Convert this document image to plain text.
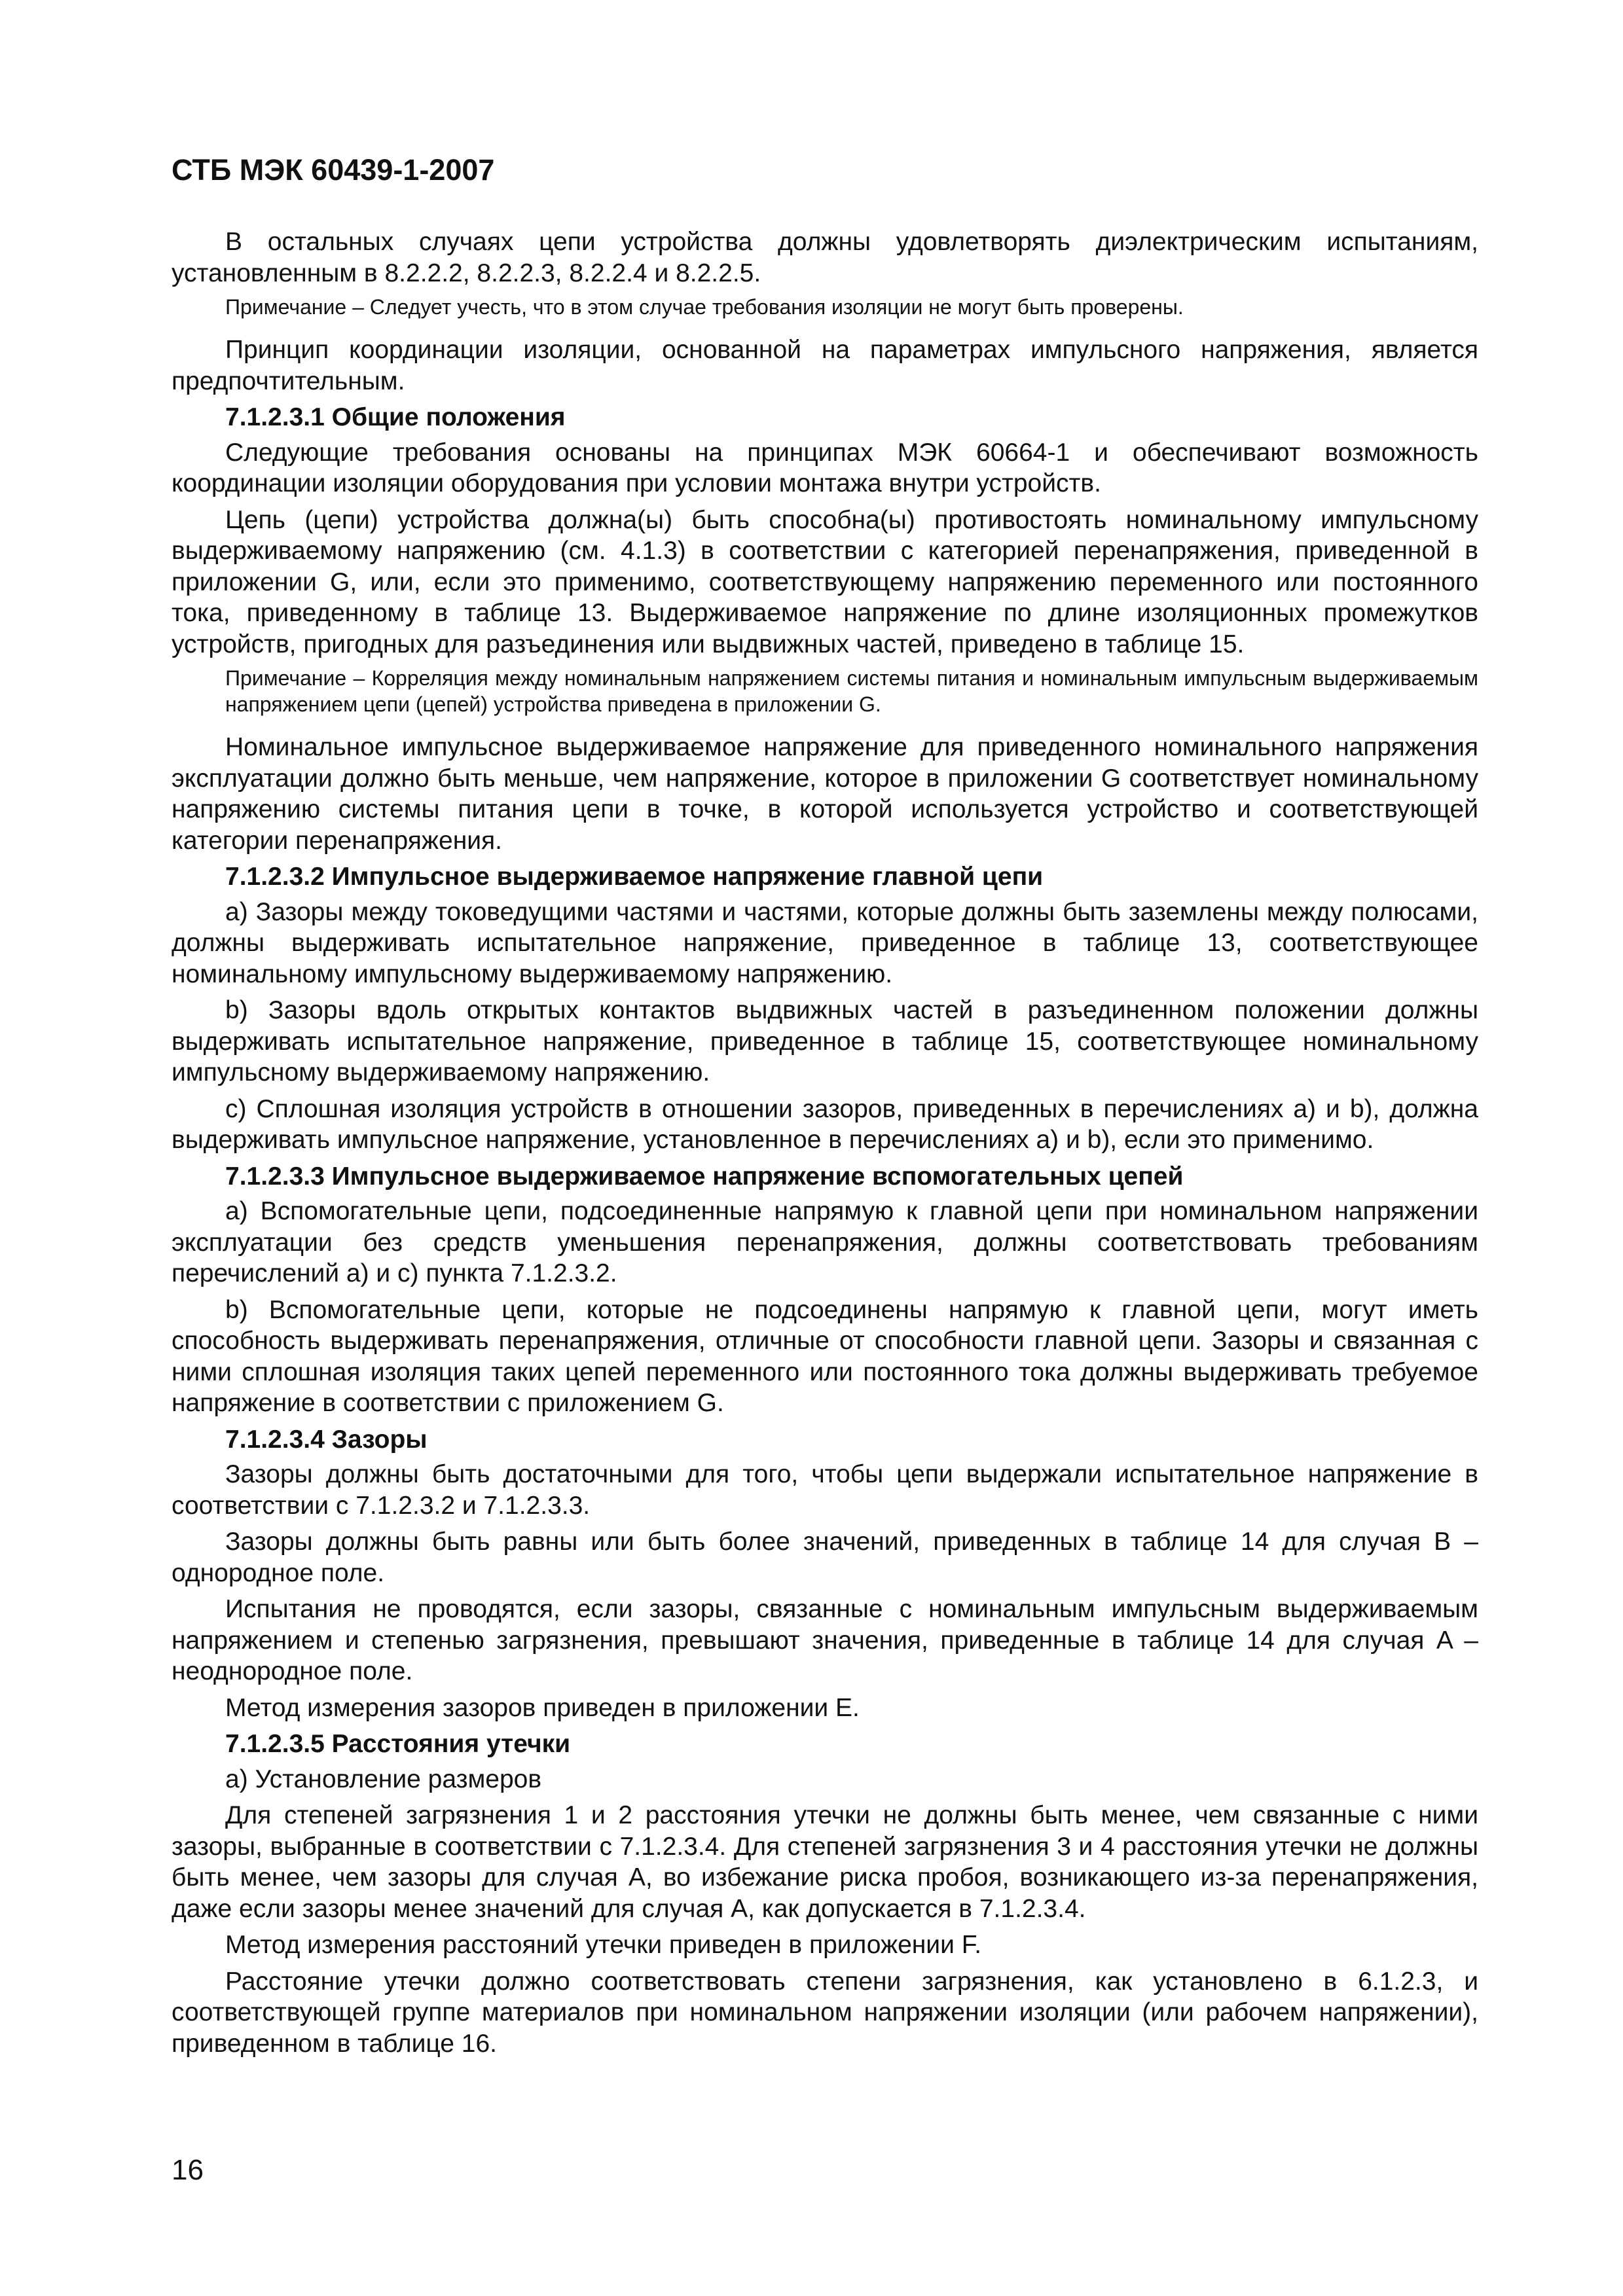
СТБ МЭК 60439-1-2007
В остальных случаях цепи устройства должны удовлетворять диэлектрическим испытаниям, установленным в 8.2.2.2, 8.2.2.3, 8.2.2.4 и 8.2.2.5.
Примечание – Следует учесть, что в этом случае требования изоляции не могут быть проверены.
Принцип координации изоляции, основанной на параметрах импульсного напряжения, является предпочтительным.
7.1.2.3.1 Общие положения
Следующие требования основаны на принципах МЭК 60664-1 и обеспечивают возможность координации изоляции оборудования при условии монтажа внутри устройств.
Цепь (цепи) устройства должна(ы) быть способна(ы) противостоять номинальному импульсному выдерживаемому напряжению (см. 4.1.3) в соответствии с категорией перенапряжения, приведенной в приложении G, или, если это применимо, соответствующему напряжению переменного или постоянного тока, приведенному в таблице 13. Выдерживаемое напряжение по длине изоляционных промежутков устройств, пригодных для разъединения или выдвижных частей, приведено в таблице 15.
Примечание – Корреляция между номинальным напряжением системы питания и номинальным импульсным выдерживаемым напряжением цепи (цепей) устройства приведена в приложении G.
Номинальное импульсное выдерживаемое напряжение для приведенного номинального напряжения эксплуатации должно быть меньше, чем напряжение, которое в приложении G соответствует номинальному напряжению системы питания цепи в точке, в которой используется устройство и соответствующей категории перенапряжения.
7.1.2.3.2 Импульсное выдерживаемое напряжение главной цепи
a) Зазоры между токоведущими частями и частями, которые должны быть заземлены между полюсами, должны выдерживать испытательное напряжение, приведенное в таблице 13, соответствующее номинальному импульсному выдерживаемому напряжению.
b) Зазоры вдоль открытых контактов выдвижных частей в разъединенном положении должны выдерживать испытательное напряжение, приведенное в таблице 15, соответствующее номинальному импульсному выдерживаемому напряжению.
c) Сплошная изоляция устройств в отношении зазоров, приведенных в перечислениях a) и b), должна выдерживать импульсное напряжение, установленное в перечислениях a) и b), если это применимо.
7.1.2.3.3 Импульсное выдерживаемое напряжение вспомогательных цепей
a) Вспомогательные цепи, подсоединенные напрямую к главной цепи при номинальном напряжении эксплуатации без средств уменьшения перенапряжения, должны соответствовать требованиям перечислений a) и c) пункта 7.1.2.3.2.
b) Вспомогательные цепи, которые не подсоединены напрямую к главной цепи, могут иметь способность выдерживать перенапряжения, отличные от способности главной цепи. Зазоры и связанная с ними сплошная изоляция таких цепей переменного или постоянного тока должны выдерживать требуемое напряжение в соответствии с приложением G.
7.1.2.3.4 Зазоры
Зазоры должны быть достаточными для того, чтобы цепи выдержали испытательное напряжение в соответствии с 7.1.2.3.2 и 7.1.2.3.3.
Зазоры должны быть равны или быть более значений, приведенных в таблице 14 для случая B – однородное поле.
Испытания не проводятся, если зазоры, связанные с номинальным импульсным выдерживаемым напряжением и степенью загрязнения, превышают значения, приведенные в таблице 14 для случая A – неоднородное поле.
Метод измерения зазоров приведен в приложении E.
7.1.2.3.5 Расстояния утечки
a) Установление размеров
Для степеней загрязнения 1 и 2 расстояния утечки не должны быть менее, чем связанные с ними зазоры, выбранные в соответствии с 7.1.2.3.4. Для степеней загрязнения 3 и 4 расстояния утечки не должны быть менее, чем зазоры для случая A, во избежание риска пробоя, возникающего из-за перенапряжения, даже если зазоры менее значений для случая A, как допускается в 7.1.2.3.4.
Метод измерения расстояний утечки приведен в приложении F.
Расстояние утечки должно соответствовать степени загрязнения, как установлено в 6.1.2.3, и соответствующей группе материалов при номинальном напряжении изоляции (или рабочем напряжении), приведенном в таблице 16.
16
